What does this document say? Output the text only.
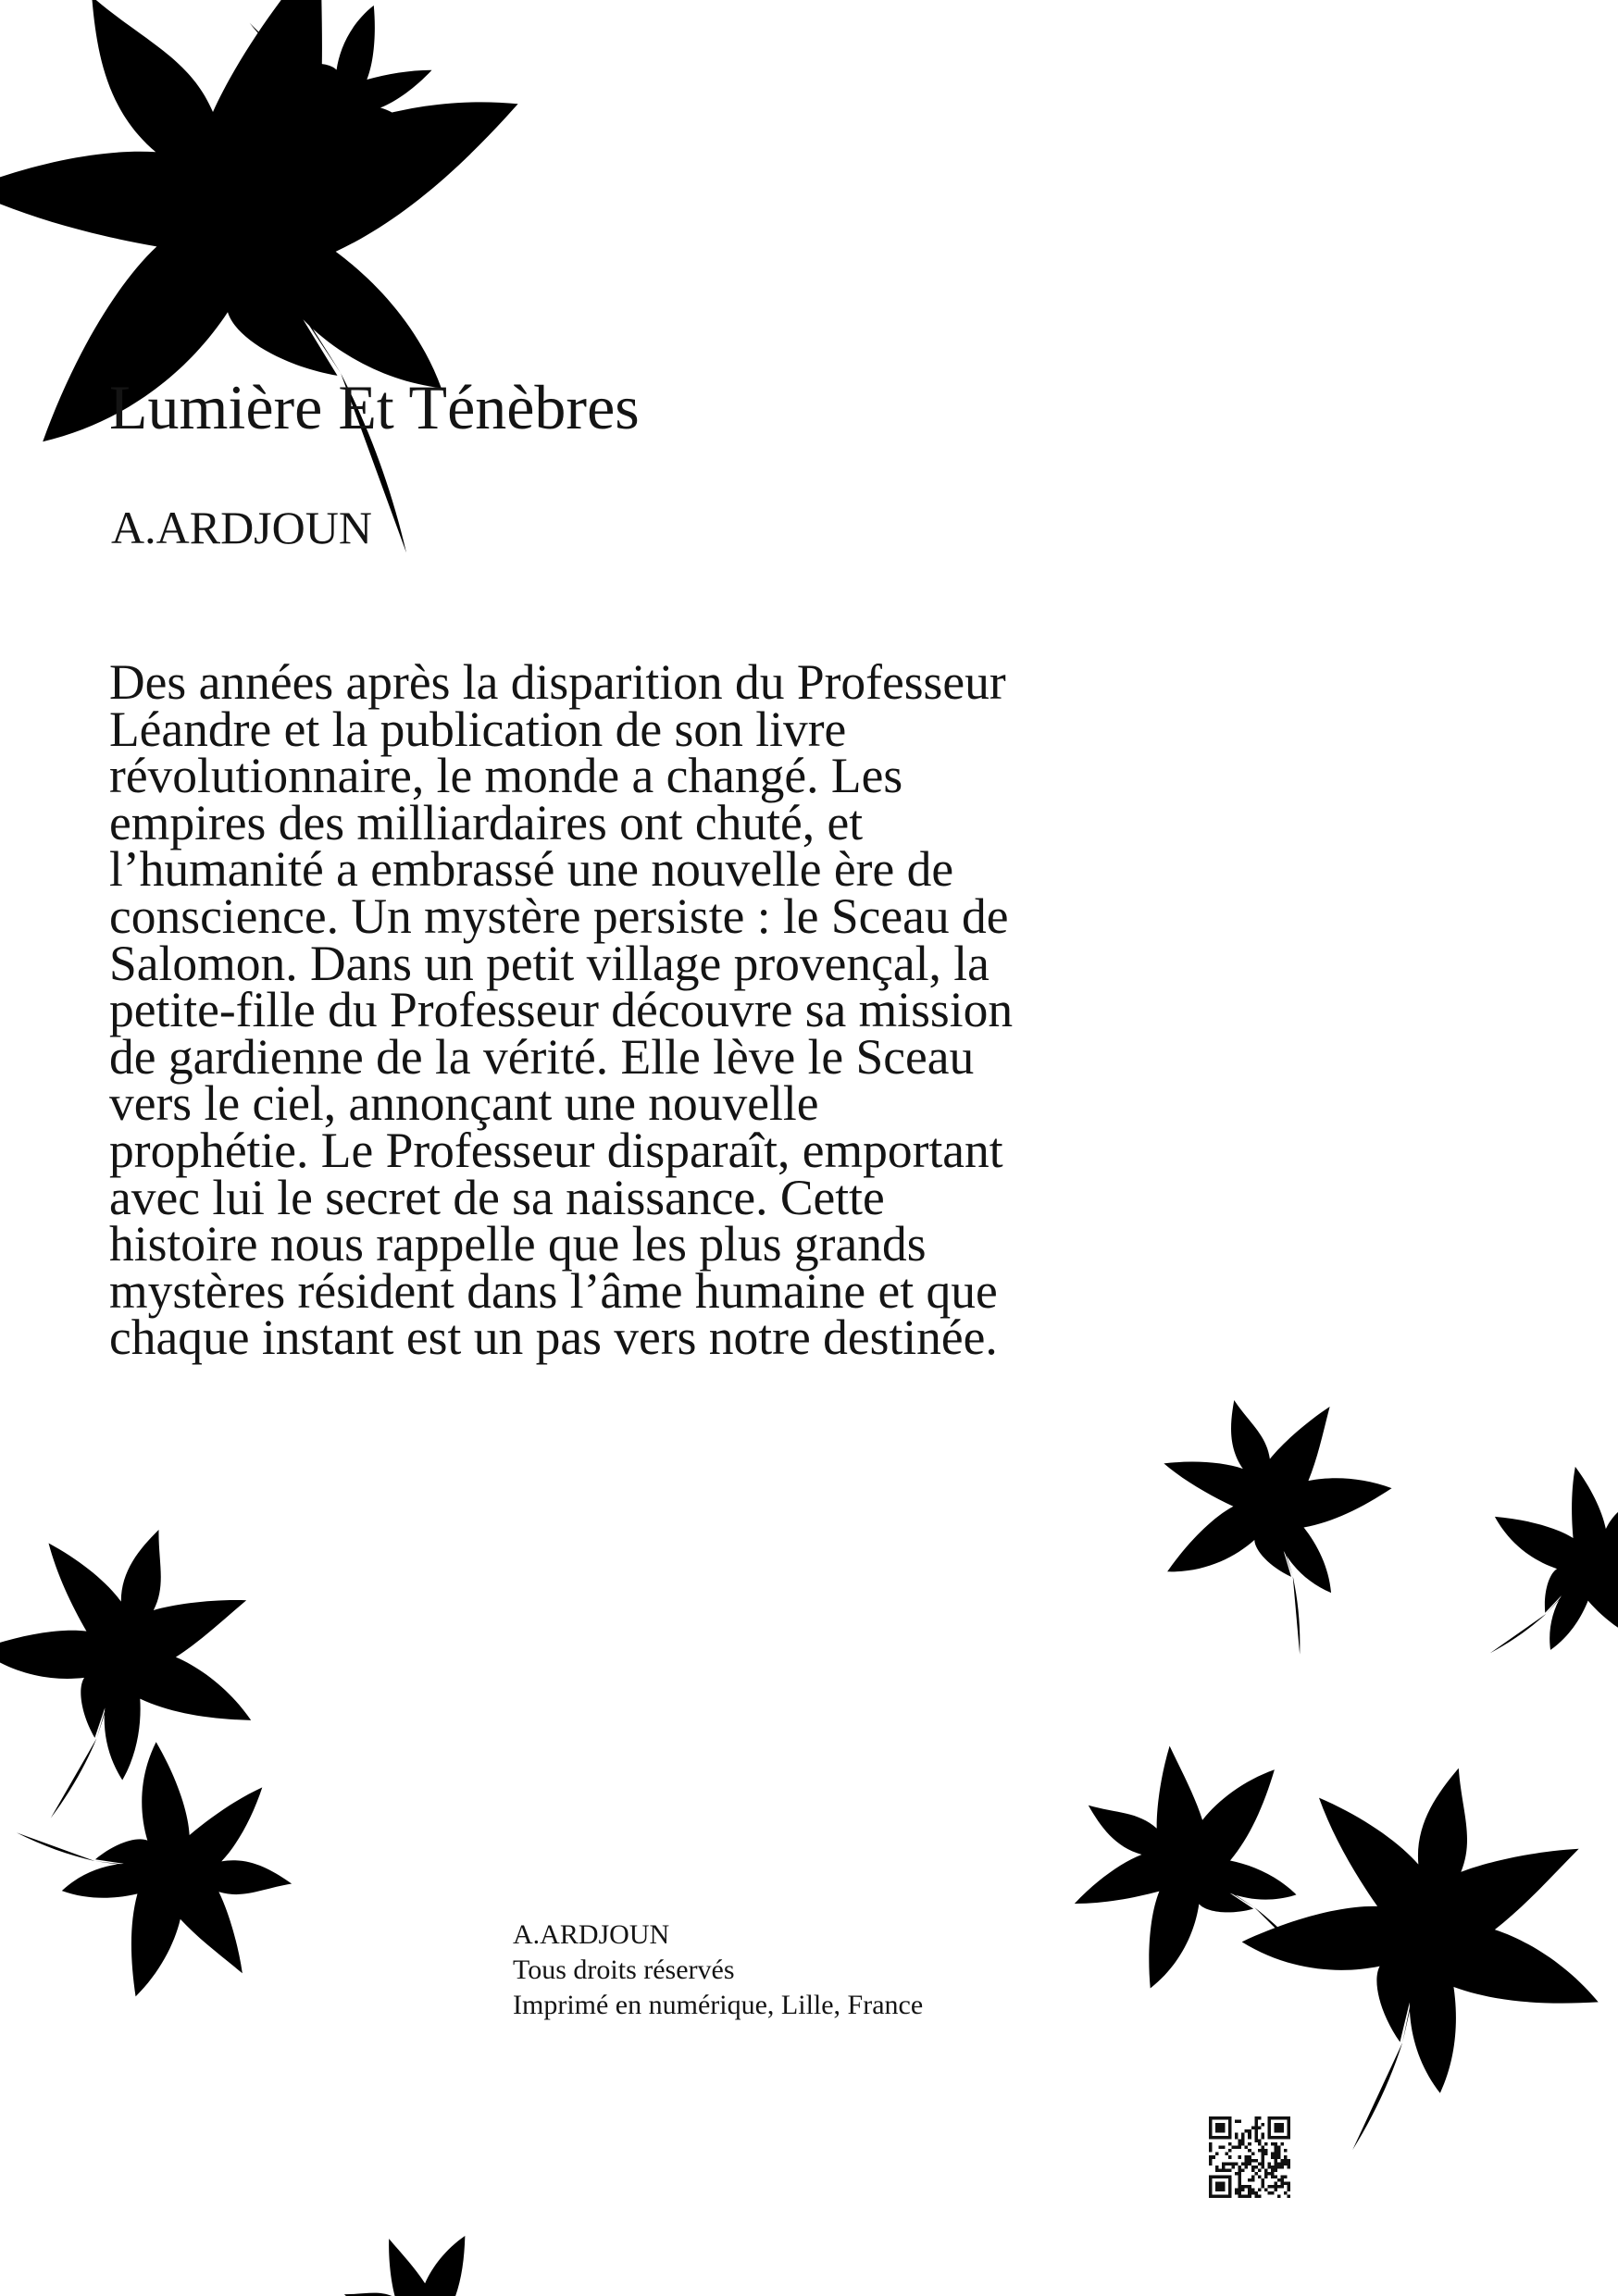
Lumière Et Ténèbres
A.ARDJOUN

Des années après la disparition du Professeur
Léandre et la publication de son livre
révolutionnaire, le monde a changé. Les
empires des milliardaires ont chuté, et
l’humanité a embrassé une nouvelle ère de
conscience. Un mystère persiste : le Sceau de
Salomon. Dans un petit village provençal, la
petite-fille du Professeur découvre sa mission
de gardienne de la vérité. Elle lève le Sceau
vers le ciel, annonçant une nouvelle
prophétie. Le Professeur disparaît, emportant
avec lui le secret de sa naissance. Cette
histoire nous rappelle que les plus grands
mystères résident dans l’âme humaine et que
chaque instant est un pas vers notre destinée.

A.ARDJOUN
Tous droits réservés
Imprimé en numérique, Lille, France
